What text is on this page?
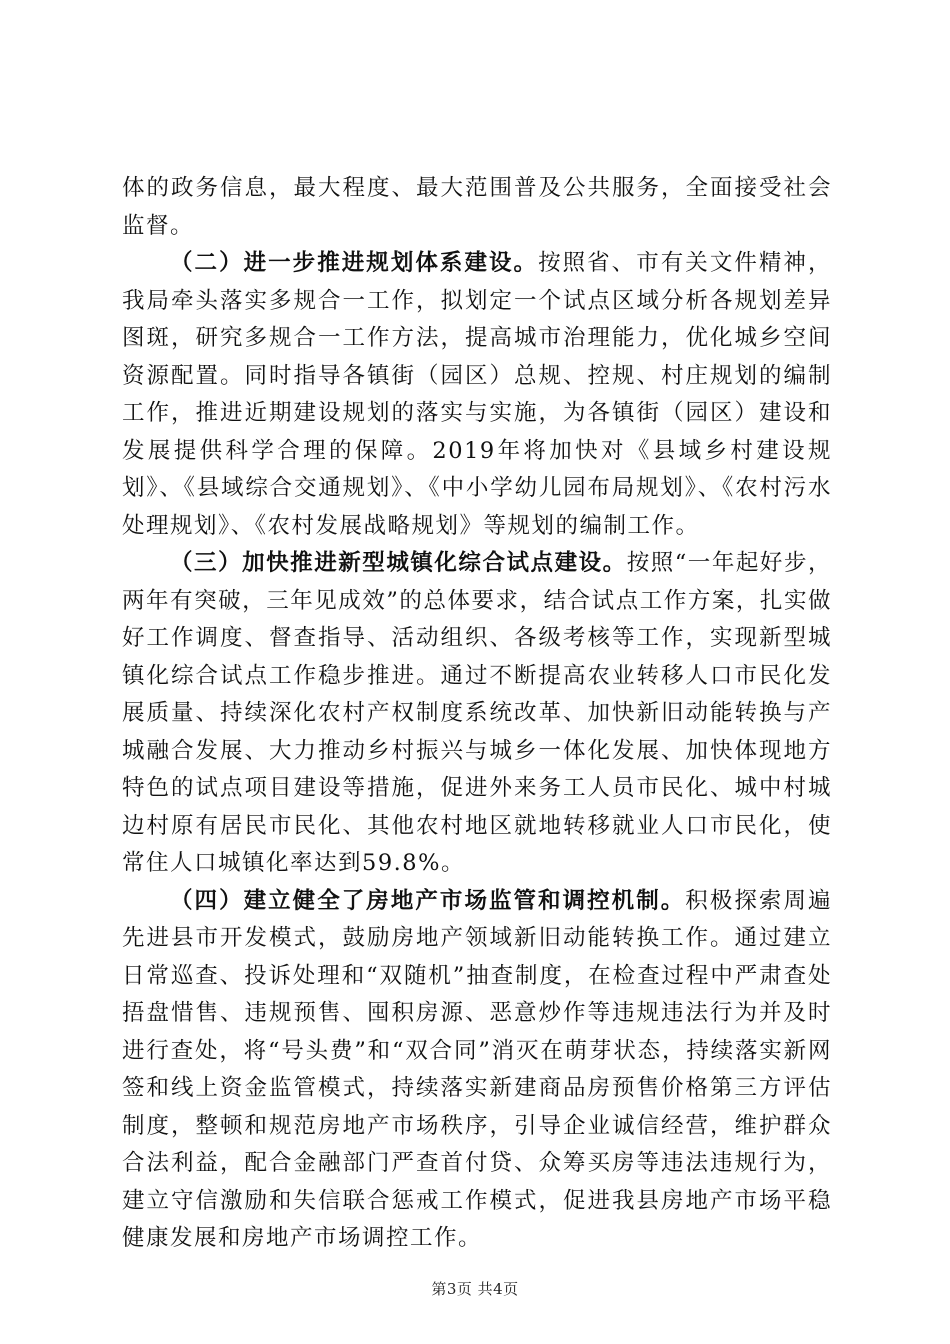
体的政务信息，最大程度、最大范围普及公共服务，全面接受社会监督。

（二）进一步推进规划体系建设。按照省、市有关文件精神，我局牵头落实多规合一工作，拟划定一个试点区域分析各规划差异图斑，研究多规合一工作方法，提高城市治理能力，优化城乡空间资源配置。同时指导各镇街（园区）总规、控规、村庄规划的编制工作，推进近期建设规划的落实与实施，为各镇街（园区）建设和发展提供科学合理的保障。2019年将加快对《县域乡村建设规划》、《县域综合交通规划》、《中小学幼儿园布局规划》、《农村污水处理规划》、《农村发展战略规划》等规划的编制工作。

（三）加快推进新型城镇化综合试点建设。按照“一年起好步，两年有突破，三年见成效”的总体要求，结合试点工作方案，扎实做好工作调度、督查指导、活动组织、各级考核等工作，实现新型城镇化综合试点工作稳步推进。通过不断提高农业转移人口市民化发展质量、持续深化农村产权制度系统改革、加快新旧动能转换与产城融合发展、大力推动乡村振兴与城乡一体化发展、加快体现地方特色的试点项目建设等措施，促进外来务工人员市民化、城中村城边村原有居民市民化、其他农村地区就地转移就业人口市民化，使常住人口城镇化率达到59.8%。

（四）建立健全了房地产市场监管和调控机制。积极探索周遍先进县市开发模式，鼓励房地产领域新旧动能转换工作。通过建立日常巡查、投诉处理和“双随机”抽查制度，在检查过程中严肃查处捂盘惜售、违规预售、囤积房源、恶意炒作等违规违法行为并及时进行查处，将“号头费”和“双合同”消灭在萌芽状态，持续落实新网签和线上资金监管模式，持续落实新建商品房预售价格第三方评估制度，整顿和规范房地产市场秩序，引导企业诚信经营，维护群众合法利益，配合金融部门严查首付贷、众筹买房等违法违规行为，建立守信激励和失信联合惩戒工作模式，促进我县房地产市场平稳健康发展和房地产市场调控工作。

第3页 共4页
